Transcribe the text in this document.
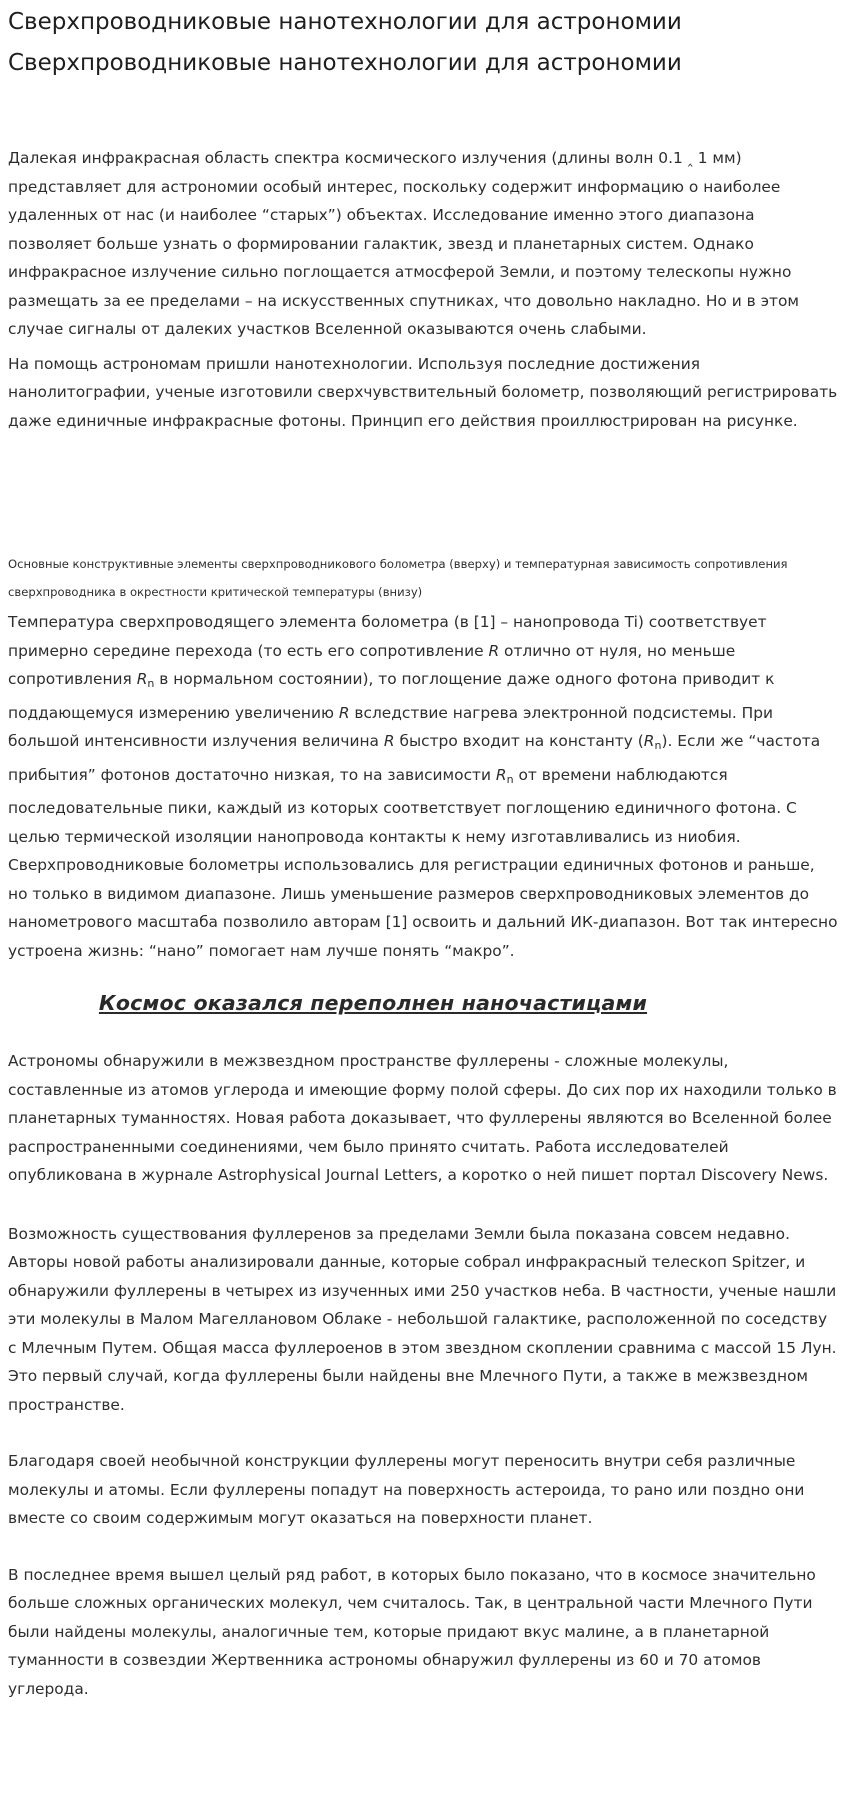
Сверхпроводниковые нанотехнологии для астрономии
Сверхпроводниковые нанотехнологии для астрономии

Далекая инфракрасная область спектра космического излучения (длины волн 0.1 ‸ 1 мм) представляет для астрономии особый интерес, поскольку содержит информацию о наиболее удаленных от нас (и наиболее “старых”) объектах. Исследование именно этого диапазона позволяет больше узнать о формировании галактик, звезд и планетарных систем. Однако инфракрасное излучение сильно поглощается атмосферой Земли, и поэтому телескопы нужно размещать за ее пределами – на искусственных спутниках, что довольно накладно. Но и в этом случае сигналы от далеких участков Вселенной оказываются очень слабыми.

На помощь астрономам пришли нанотехнологии. Используя последние достижения нанолитографии, ученые изготовили сверхчувствительный болометр, позволяющий регистрировать даже единичные инфракрасные фотоны. Принцип его действия проиллюстрирован на рисунке.

Основные конструктивные элементы сверхпроводникового болометра (вверху) и температурная зависимость сопротивления сверхпроводника в окрестности критической температуры (внизу)

Температура сверхпроводящего элемента болометра (в [1] – нанопровода Ti) соответствует примерно середине перехода (то есть его сопротивление R отлично от нуля, но меньше сопротивления $R_n$ в нормальном состоянии), то поглощение даже одного фотона приводит к поддающемуся измерению увеличению R вследствие нагрева электронной подсистемы. При большой интенсивности излучения величина R быстро входит на константу $(R_n)$. Если же “частота прибытия” фотонов достаточно низкая, то на зависимости $R_n$ от времени наблюдаются последовательные пики, каждый из которых соответствует поглощению единичного фотона. С целью термической изоляции нанопровода контакты к нему изготавливались из ниобия. Сверхпроводниковые болометры использовались для регистрации единичных фотонов и раньше, но только в видимом диапазоне. Лишь уменьшение размеров сверхпроводниковых элементов до нанометрового масштаба позволило авторам [1] освоить и дальний ИК-диапазон. Вот так интересно устроена жизнь: “нано” помогает нам лучше понять “макро”.

Космос оказался переполнен наночастицами

Астрономы обнаружили в межзвездном пространстве фуллерены - сложные молекулы, составленные из атомов углерода и имеющие форму полой сферы. До сих пор их находили только в планетарных туманностях. Новая работа доказывает, что фуллерены являются во Вселенной более распространенными соединениями, чем было принято считать. Работа исследователей опубликована в журнале Astrophysical Journal Letters, а коротко о ней пишет портал Discovery News.

Возможность существования фуллеренов за пределами Земли была показана совсем недавно. Авторы новой работы анализировали данные, которые собрал инфракрасный телескоп Spitzer, и обнаружили фуллерены в четырех из изученных ими 250 участков неба. В частности, ученые нашли эти молекулы в Малом Магеллановом Облаке - небольшой галактике, расположенной по соседству с Млечным Путем. Общая масса фуллероенов в этом звездном скоплении сравнима с массой 15 Лун. Это первый случай, когда фуллерены были найдены вне Млечного Пути, а также в межзвездном пространстве.

Благодаря своей необычной конструкции фуллерены могут переносить внутри себя различные молекулы и атомы. Если фуллерены попадут на поверхность астероида, то рано или поздно они вместе со своим содержимым могут оказаться на поверхности планет.

В последнее время вышел целый ряд работ, в которых было показано, что в космосе значительно больше сложных органических молекул, чем считалось. Так, в центральной части Млечного Пути были найдены молекулы, аналогичные тем, которые придают вкус малине, а в планетарной туманности в созвездии Жертвенника астрономы обнаружил фуллерены из 60 и 70 атомов углерода.
